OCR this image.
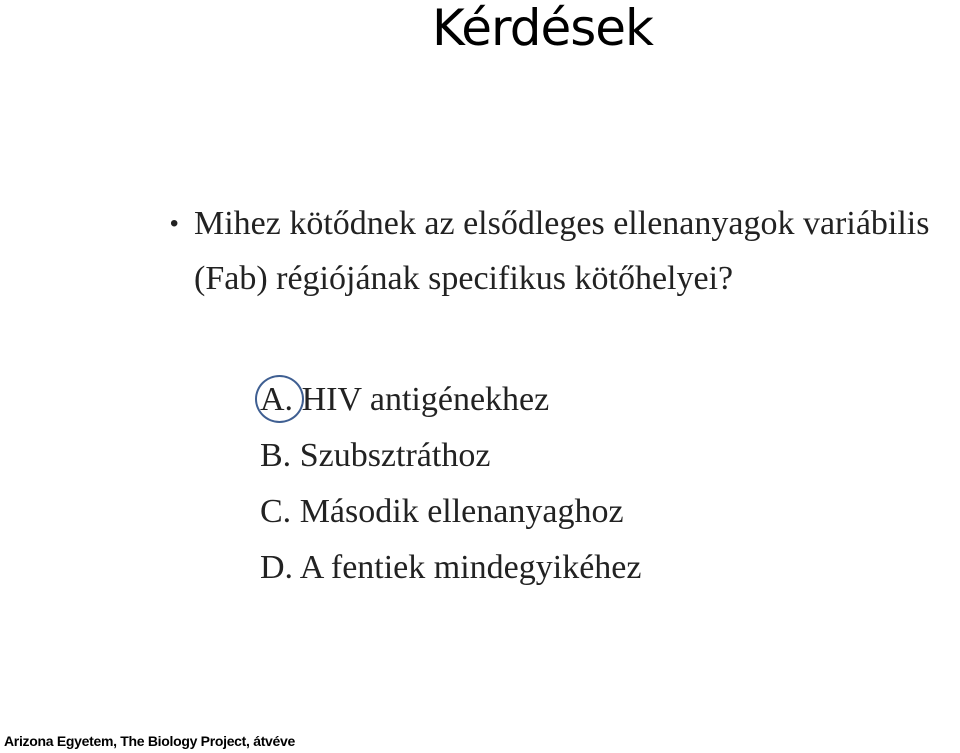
Kérdések
• Mihez kötődnek az elsődleges ellenanyagok variábilis (Fab) régiójának specifikus kötőhelyei?
A. HIV antigénekhez
B. Szubsztráthoz
C. Második ellenanyaghoz
D. A fentiek mindegyikéhez
Arizona Egyetem, The Biology Project, átvéve
